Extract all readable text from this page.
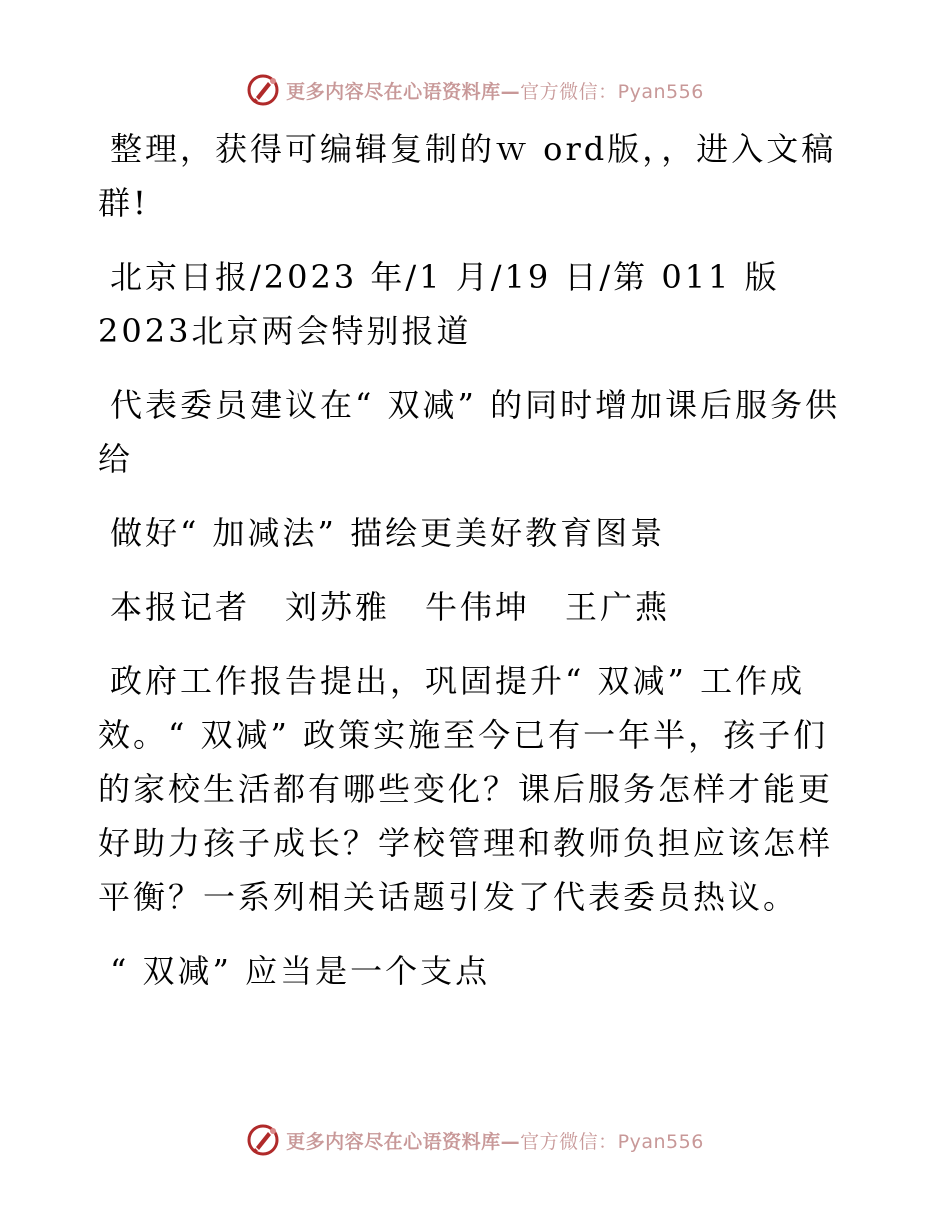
更多内容尽在心语资料库—官方微信：Pyan556

整理，获得可编辑复制的ｗ ord版，，进入文稿群!

北京日报/2023 年/1 月/19 日/第 011 版2023北京两会特别报道

代表委员建议在“ 双减” 的同时增加课后服务供给

做好“ 加减法” 描绘更美好教育图景

本报记者　刘苏雅　牛伟坤　王广燕

政府工作报告提出，巩固提升“ 双减” 工作成效。“ 双减” 政策实施至今已有一年半，孩子们的家校生活都有哪些变化？课后服务怎样才能更好助力孩子成长？学校管理和教师负担应该怎样平衡？一系列相关话题引发了代表委员热议。

“ 双减” 应当是一个支点

更多内容尽在心语资料库—官方微信：Pyan556
